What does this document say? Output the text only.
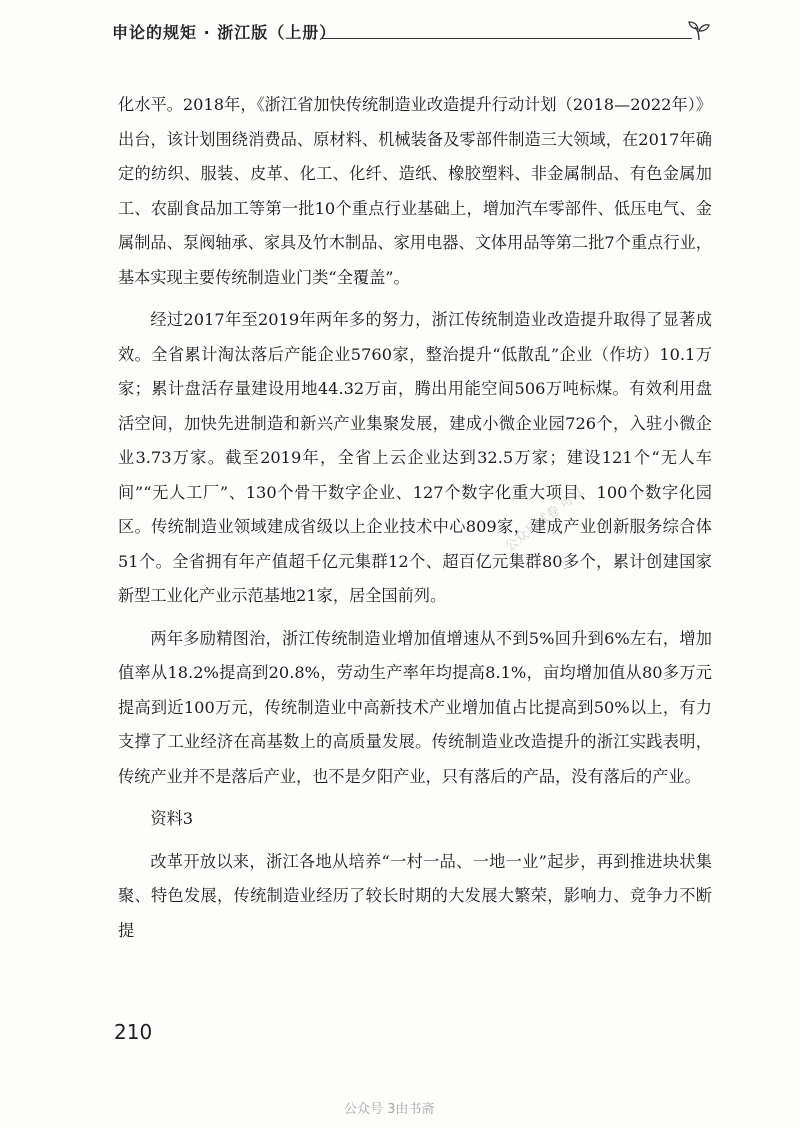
申论的规矩 · 浙江版（上册）

化水平。2018年，《浙江省加快传统制造业改造提升行动计划（2018—2022年）》出台，该计划围绕消费品、原材料、机械装备及零部件制造三大领域，在2017年确定的纺织、服装、皮革、化工、化纤、造纸、橡胶塑料、非金属制品、有色金属加工、农副食品加工等第一批10个重点行业基础上，增加汽车零部件、低压电气、金属制品、泵阀轴承、家具及竹木制品、家用电器、文体用品等第二批7个重点行业，基本实现主要传统制造业门类“全覆盖”。

经过2017年至2019年两年多的努力，浙江传统制造业改造提升取得了显著成效。全省累计淘汰落后产能企业5760家，整治提升“低散乱”企业（作坊）10.1万家；累计盘活存量建设用地44.32万亩，腾出用能空间506万吨标煤。有效利用盘活空间，加快先进制造和新兴产业集聚发展，建成小微企业园726个，入驻小微企业3.73万家。截至2019年，全省上云企业达到32.5万家；建设121个“无人车间”“无人工厂”、130个骨干数字企业、127个数字化重大项目、100个数字化园区。传统制造业领域建成省级以上企业技术中心809家，建成产业创新服务综合体51个。全省拥有年产值超千亿元集群12个、超百亿元集群80多个，累计创建国家新型工业化产业示范基地21家，居全国前列。

两年多励精图治，浙江传统制造业增加值增速从不到5%回升到6%左右，增加值率从18.2%提高到20.8%，劳动生产率年均提高8.1%，亩均增加值从80多万元提高到近100万元，传统制造业中高新技术产业增加值占比提高到50%以上，有力支撑了工业经济在高基数上的高质量发展。传统制造业改造提升的浙江实践表明，传统产业并不是落后产业，也不是夕阳产业，只有落后的产品，没有落后的产业。

资料3

改革开放以来，浙江各地从培养“一村一品、一地一业”起步，再到推进块状集聚、特色发展，传统制造业经历了较长时期的大发展大繁荣，影响力、竞争力不断提

公众号试卷 可以
210
公众号 3由书斋
